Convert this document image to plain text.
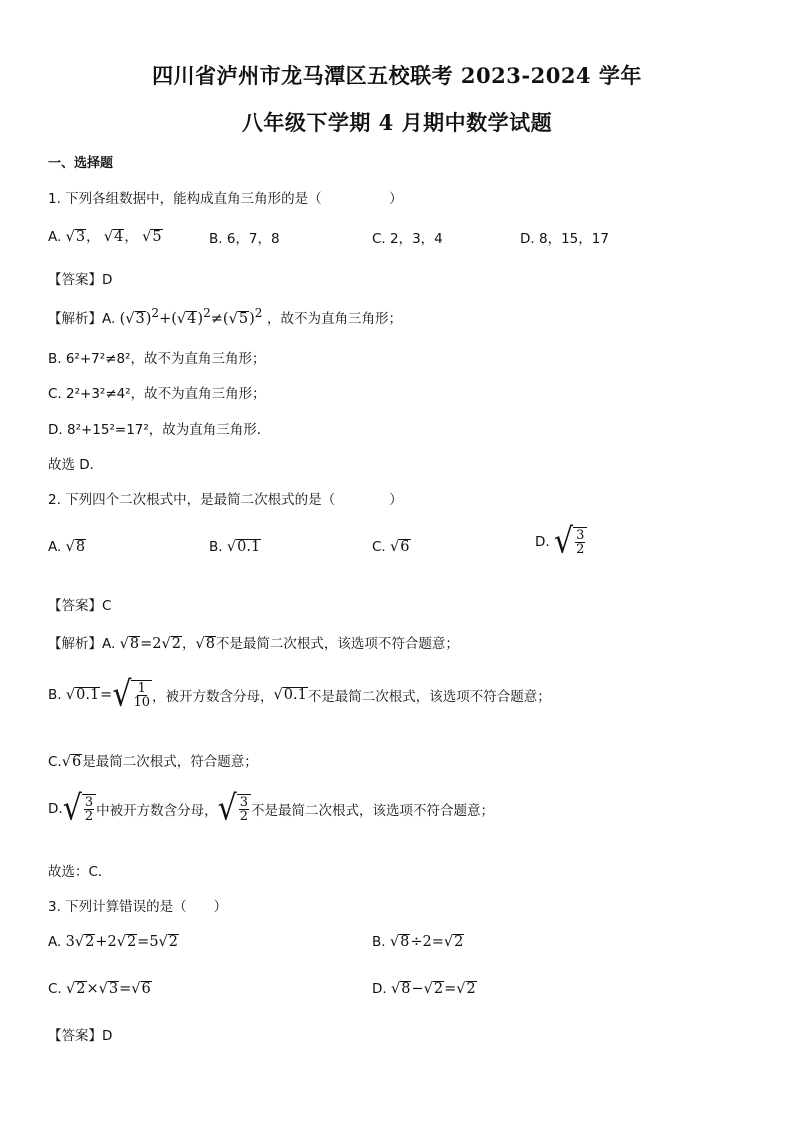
四川省泸州市龙马潭区五校联考 2023-2024 学年
八年级下学期 4 月期中数学试题
一、选择题
1. 下列各组数据中，能构成直角三角形的是（　　　　　）
A. √3， √4， √5	B. 6，7，8	C. 2，3，4	D. 8，15，17
【答案】D
【解析】A. $(√3)^2+(√4)^2\ne(√5)^2$ ，故不为直角三角形；
B. 6²+7²≠8²，故不为直角三角形；
C. 2²+3²≠4²，故不为直角三角形；
D. 8²+15²=17²，故为直角三角形．
故选 D．
2. 下列四个二次根式中，是最简二次根式的是（　　　　）
A. √8	B. √0.1	C. √6	D. √ $\frac{3}{2}$
【答案】C
【解析】A. √8=2√2，√8不是最简二次根式，该选项不符合题意；
B. √0.1= √ $\frac{1}{10}$ ，被开方数含分母，√0.1不是最简二次根式，该选项不符合题意；
C.√6是最简二次根式，符合题意；
D. √ $\frac{3}{2}$ 中被开方数含分母， √ $\frac{3}{2}$ 不是最简二次根式，该选项不符合题意；
故选：C．
3. 下列计算错误的是（　　）
A. 3√2+2√2=5√2	B. √8÷2=√2
C. √2×√3=√6	D. √8−√2=√2
【答案】D
